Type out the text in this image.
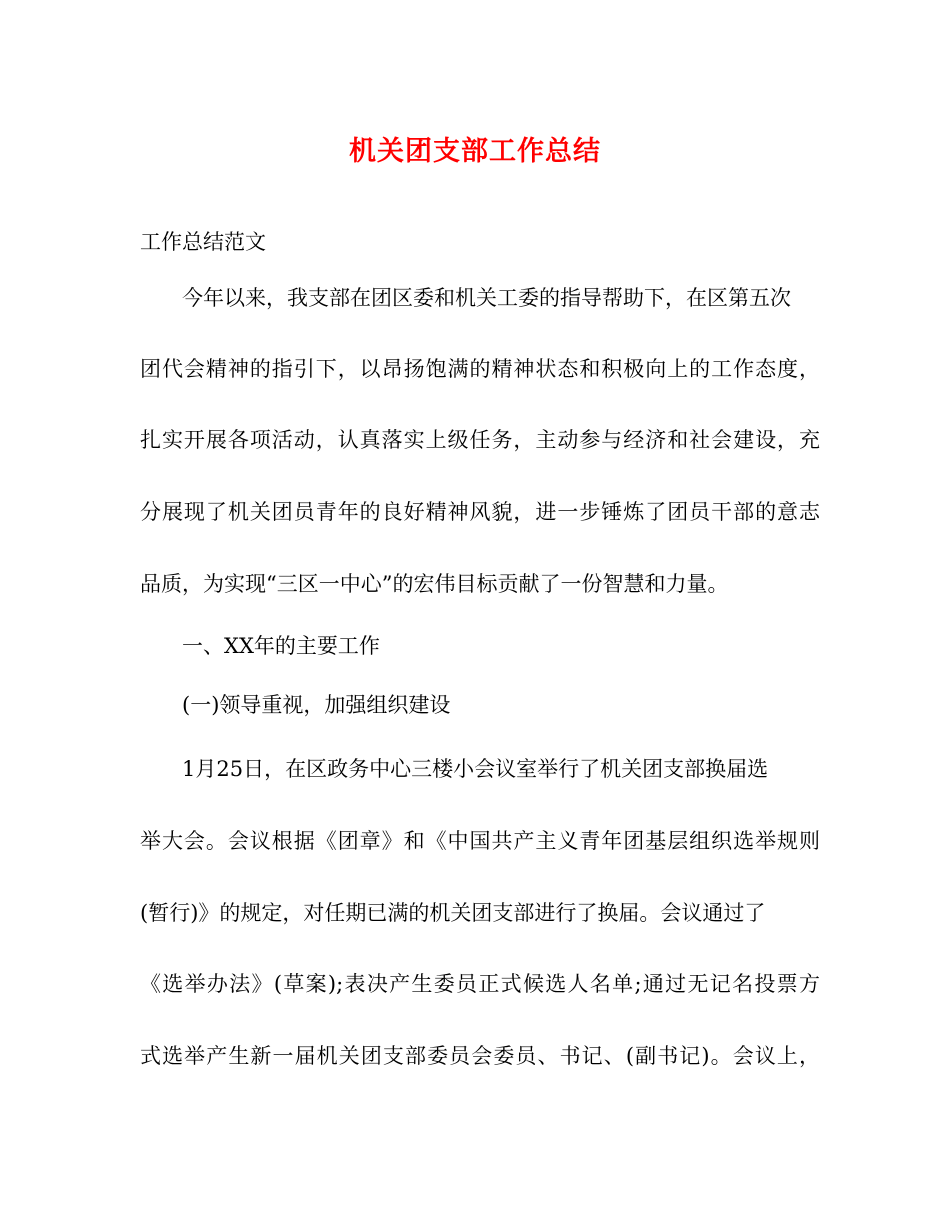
机关团支部工作总结
工作总结范文
今年以来，我支部在团区委和机关工委的指导帮助下，在区第五次
团代会精神的指引下，以昂扬饱满的精神状态和积极向上的工作态度，
扎实开展各项活动，认真落实上级任务，主动参与经济和社会建设，充
分展现了机关团员青年的良好精神风貌，进一步锤炼了团员干部的意志
品质，为实现“三区一中心”的宏伟目标贡献了一份智慧和力量。
一、XX年的主要工作
(一)领导重视，加强组织建设
1月25日，在区政务中心三楼小会议室举行了机关团支部换届选
举大会。会议根据《团章》和《中国共产主义青年团基层组织选举规则
(暂行)》的规定，对任期已满的机关团支部进行了换届。会议通过了
《选举办法》(草案);表决产生委员正式候选人名单;通过无记名投票方
式选举产生新一届机关团支部委员会委员、书记、(副书记)。会议上，
